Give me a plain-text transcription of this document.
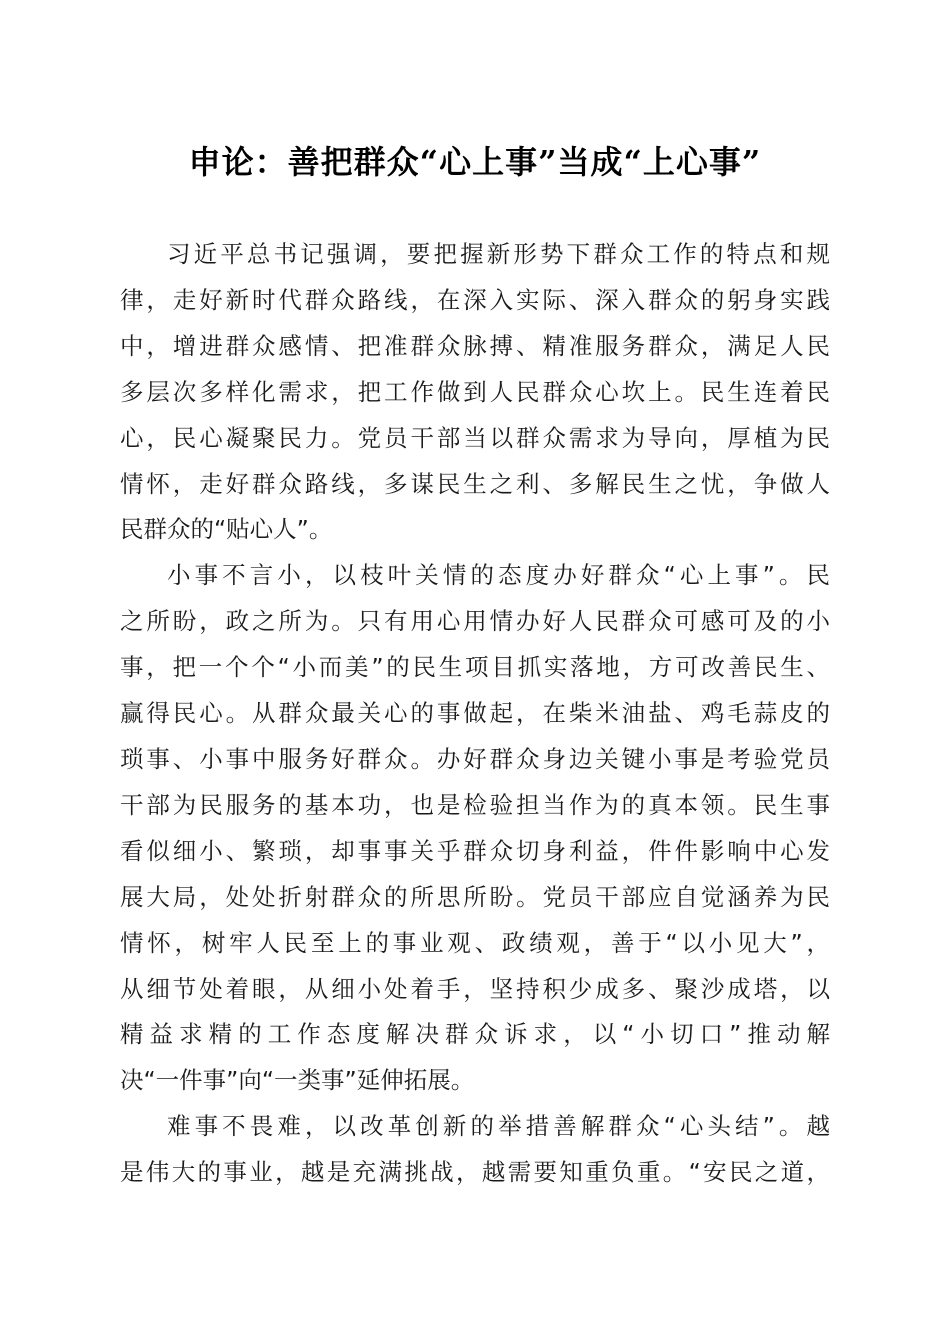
申论：善把群众“心上事”当成“上心事”

习近平总书记强调，要把握新形势下群众工作的特点和规
律，走好新时代群众路线，在深入实际、深入群众的躬身实践
中，增进群众感情、把准群众脉搏、精准服务群众，满足人民
多层次多样化需求，把工作做到人民群众心坎上。民生连着民
心，民心凝聚民力。党员干部当以群众需求为导向，厚植为民
情怀，走好群众路线，多谋民生之利、多解民生之忧，争做人
民群众的“贴心人”。

小事不言小，以枝叶关情的态度办好群众“心上事”。民
之所盼，政之所为。只有用心用情办好人民群众可感可及的小
事，把一个个“小而美”的民生项目抓实落地，方可改善民生、
赢得民心。从群众最关心的事做起，在柴米油盐、鸡毛蒜皮的
琐事、小事中服务好群众。办好群众身边关键小事是考验党员
干部为民服务的基本功，也是检验担当作为的真本领。民生事
看似细小、繁琐，却事事关乎群众切身利益，件件影响中心发
展大局，处处折射群众的所思所盼。党员干部应自觉涵养为民
情怀，树牢人民至上的事业观、政绩观，善于“以小见大”，
从细节处着眼，从细小处着手，坚持积少成多、聚沙成塔，以
精益求精的工作态度解决群众诉求，以“小切口”推动解
决“一件事”向“一类事”延伸拓展。

难事不畏难，以改革创新的举措善解群众“心头结”。越
是伟大的事业，越是充满挑战，越需要知重负重。“安民之道，
